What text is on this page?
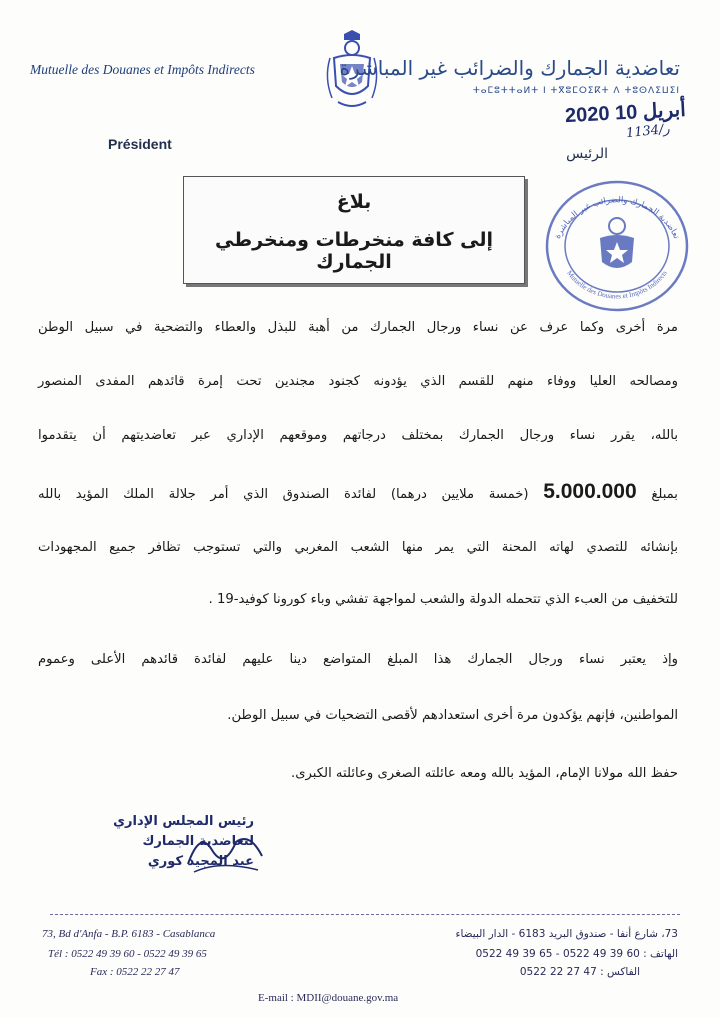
Mutuelle des Douanes et Impôts Indirects	تعاضدية الجمارك والضرائب غير المباشرة
ⵜⴰⵎⵓⵜⵜⴰⵍⵜ ⵏ ⵜⴳⵓⵎⵔⵉⴽⵜ ⴷ ⵜⵓⵙⴷⵉⵡⵉⵏ
2020 أبريل 10
1134/ر
Président
الرئيس
بلاغ
إلى كافة منخرطات ومنخرطي الجمارك
تعاضدية الجمارك والضرائب غير المباشرة
Mutuelle des Douanes et Impôts Indirects
مرة أخرى وكما عرف عن نساء ورجال الجمارك من أهبة للبذل والعطاء والتضحية في سبيل الوطن
ومصالحه العليا ووفاء منهم للقسم الذي يؤدونه كجنود مجندين تحت إمرة قائدهم المفدى المنصور
بالله، يقرر نساء ورجال الجمارك بمختلف درجاتهم وموقعهم الإداري عبر تعاضديتهم أن يتقدموا
بمبلغ 5.000.000 (خمسة ملايين درهما) لفائدة الصندوق الذي أمر جلالة الملك المؤيد بالله
بإنشائه للتصدي لهاته المحنة التي يمر منها الشعب المغربي والتي تستوجب تظافر جميع المجهودات
للتخفيف من العبء الذي تتحمله الدولة والشعب لمواجهة تفشي وباء كورونا كوفيد-19 .
وإذ يعتبر نساء ورجال الجمارك هذا المبلغ المتواضع دينا عليهم لفائدة قائدهم الأعلى وعموم
المواطنين، فإنهم يؤكدون مرة أخرى استعدادهم لأقصى التضحيات في سبيل الوطن.
حفظ الله مولانا الإمام، المؤيد بالله ومعه عائلته الصغرى وعائلته الكبرى.
رئيس المجلس الإداري
لتعاضدية الجمارك
عبد المجيد كوري
73, Bd d'Anfa - B.P. 6183 - Casablanca
Tél : 0522 49 39 60 - 0522 49 39 65
Fax : 0522 22 27 47
73، شارع أنفا - صندوق البريد 6183 - الدار البيضاء
الهاتف : 60 39 49 0522 - 65 39 49 0522
الفاكس : 47 27 22 0522
E-mail : MDII@douane.gov.ma
